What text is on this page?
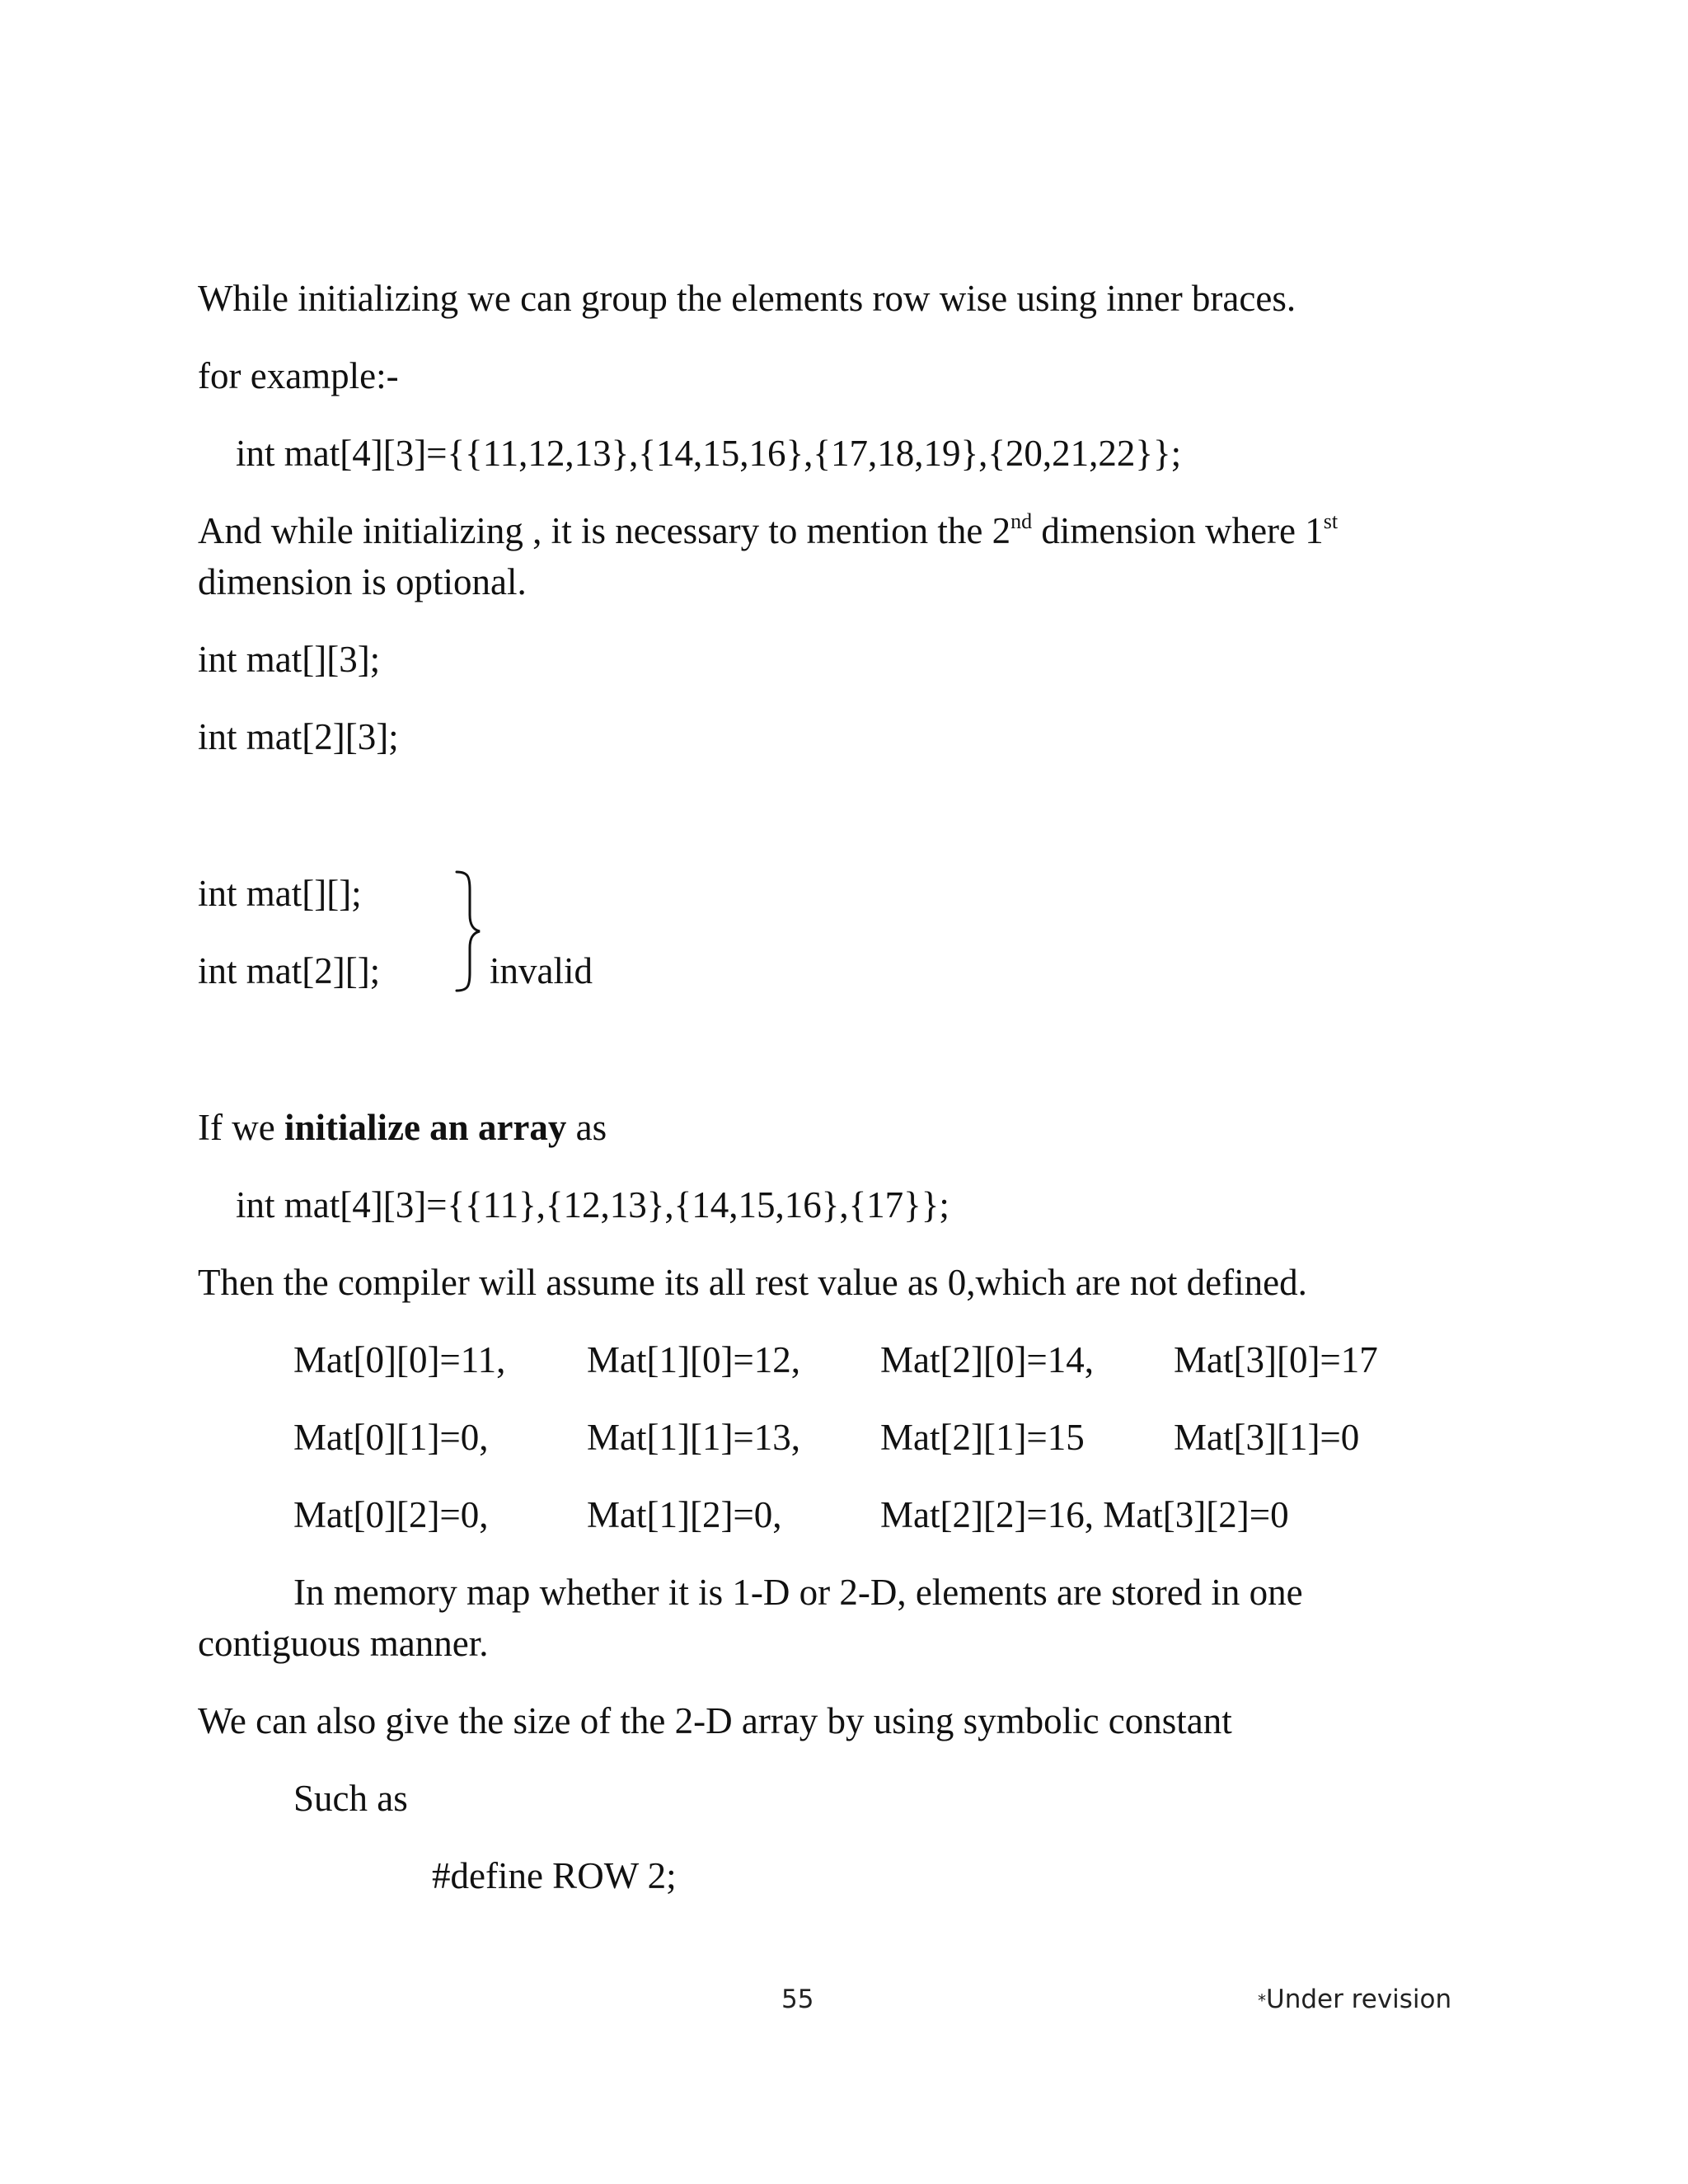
While initializing we can group the elements row wise using inner braces.
for example:-
int mat[4][3]={{11,12,13},{14,15,16},{17,18,19},{20,21,22}};
And while initializing , it is necessary to mention the 2nd dimension where 1st
dimension is optional.
int mat[][3];
int mat[2][3];
int mat[][];
int mat[2][];	invalid
If we initialize an array as
int mat[4][3]={{11},{12,13},{14,15,16},{17}};
Then the compiler will assume its all rest value as 0,which are not defined.
Mat[0][0]=11, Mat[1][0]=12, Mat[2][0]=14, Mat[3][0]=17
Mat[0][1]=0,	Mat[1][1]=13, Mat[2][1]=15 Mat[3][1]=0
Mat[0][2]=0,	Mat[1][2]=0,	Mat[2][2]=16, Mat[3][2]=0
In memory map whether it is 1-D or 2-D, elements are stored in one
contiguous manner.
We can also give the size of the 2-D array by using symbolic constant
Such as
#define ROW 2;
55	*Under revision
